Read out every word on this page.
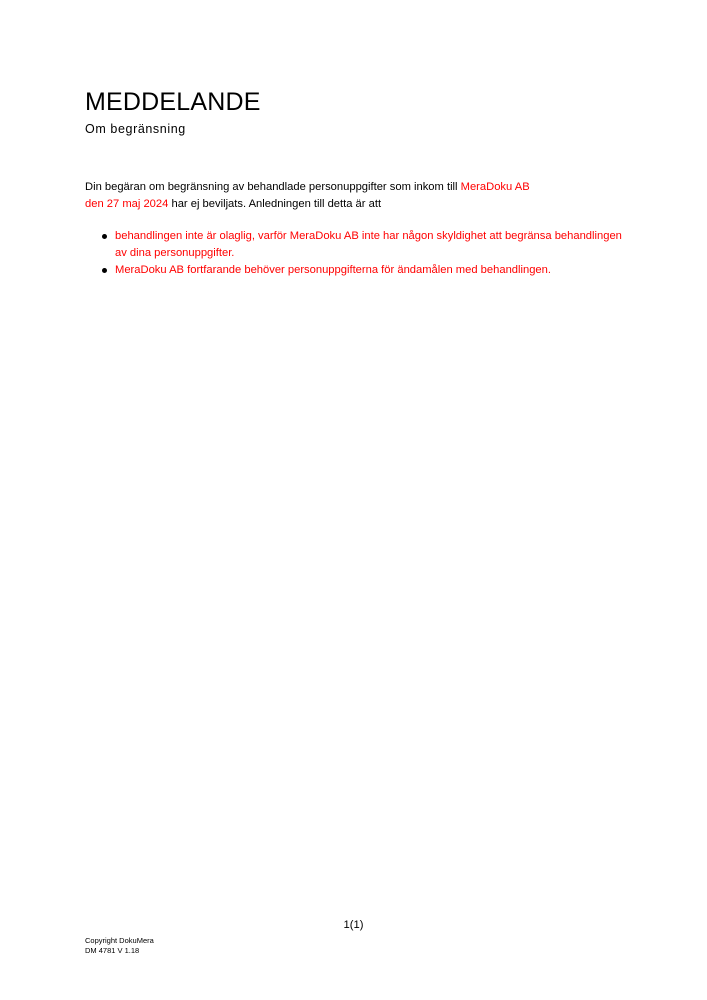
MEDDELANDE

Om begränsning

Din begäran om begränsning av behandlade personuppgifter som inkom till MeraDoku AB
den 27 maj 2024 har ej beviljats. Anledningen till detta är att

behandlingen inte är olaglig, varför MeraDoku AB inte har någon skyldighet att begränsa behandlingen av dina personuppgifter.
MeraDoku AB fortfarande behöver personuppgifterna för ändamålen med behandlingen.

1(1)

Copyright DokuMera
DM 4781 V 1.18
